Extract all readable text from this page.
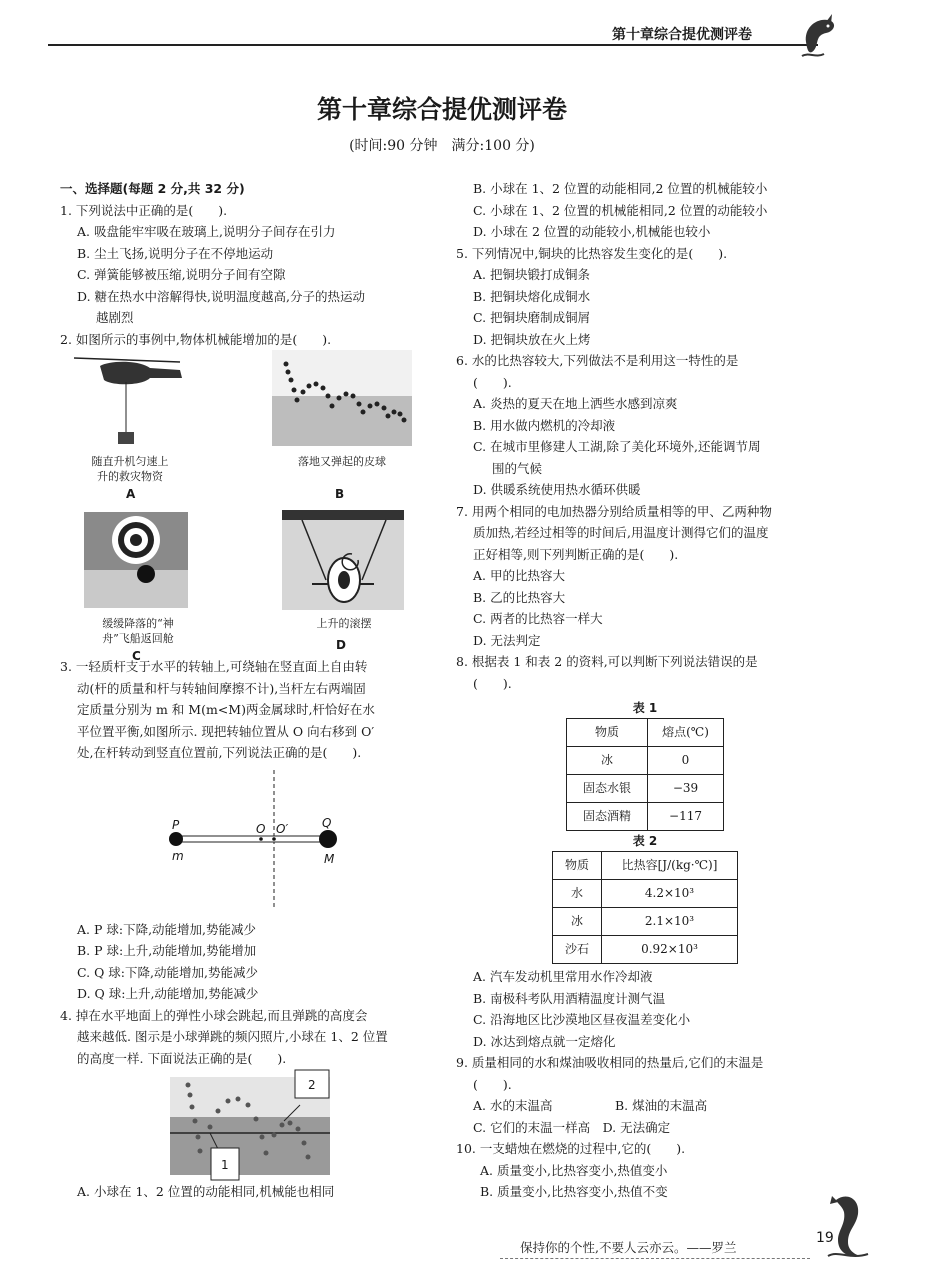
第十章综合提优测评卷
第十章综合提优测评卷
(时间:90 分钟　满分:100 分)
一、选择题(每题 2 分,共 32 分)
1. 下列说法中正确的是(　　).
A. 吸盘能牢牢吸在玻璃上,说明分子间存在引力
B. 尘土飞扬,说明分子在不停地运动
C. 弹簧能够被压缩,说明分子间有空隙
D. 糖在热水中溶解得快,说明温度越高,分子的热运动
越剧烈
2. 如图所示的事例中,物体机械能增加的是(　　).
随直升机匀速上
升的救灾物资
A
落地又弹起的皮球
B
缓缓降落的“神
舟”飞船返回舱
C
上升的滚摆
D
3. 一轻质杆支于水平的转轴上,可绕轴在竖直面上自由转
动(杆的质量和杆与转轴间摩擦不计),当杆左右两端固
定质量分别为 m 和 M(m<M)两金属球时,杆恰好在水
平位置平衡,如图所示. 现把转轴位置从 O 向右移到 O′
处,在杆转动到竖直位置前,下列说法正确的是(　　).
P
m
O O′	Q
M
A. P 球:下降,动能增加,势能减少
B. P 球:上升,动能增加,势能增加
C. Q 球:下降,动能增加,势能减少
D. Q 球:上升,动能增加,势能减少
4. 掉在水平地面上的弹性小球会跳起,而且弹跳的高度会
越来越低. 图示是小球弹跳的频闪照片,小球在 1、2 位置
的高度一样. 下面说法正确的是(　　).
1
2
A. 小球在 1、2 位置的动能相同,机械能也相同
B. 小球在 1、2 位置的动能相同,2 位置的机械能较小
C. 小球在 1、2 位置的机械能相同,2 位置的动能较小
D. 小球在 2 位置的动能较小,机械能也较小
5. 下列情况中,铜块的比热容发生变化的是(　　).
A. 把铜块锻打成铜条
B. 把铜块熔化成铜水
C. 把铜块磨制成铜屑
D. 把铜块放在火上烤
6. 水的比热容较大,下列做法不是利用这一特性的是
(　　).
A. 炎热的夏天在地上洒些水感到凉爽
B. 用水做内燃机的冷却液
C. 在城市里修建人工湖,除了美化环境外,还能调节周
围的气候
D. 供暖系统使用热水循环供暖
7. 用两个相同的电加热器分别给质量相等的甲、乙两种物
质加热,若经过相等的时间后,用温度计测得它们的温度
正好相等,则下列判断正确的是(　　).
A. 甲的比热容大
B. 乙的比热容大
C. 两者的比热容一样大
D. 无法判定
8. 根据表 1 和表 2 的资料,可以判断下列说法错误的是
(　　).
表 1
物质	熔点(℃)
冰	0
固态水银	−39
固态酒精	−117
表 2
物质	比热容[J/(kg·℃)]
水	4.2×10³
冰	2.1×10³
沙石	0.92×10³
A. 汽车发动机里常用水作冷却液
B. 南极科考队用酒精温度计测气温
C. 沿海地区比沙漠地区昼夜温差变化小
D. 冰达到熔点就一定熔化
9. 质量相同的水和煤油吸收相同的热量后,它们的末温是
(　　).
A. 水的末温高　　　　　B. 煤油的末温高
C. 它们的末温一样高　D. 无法确定
10. 一支蜡烛在燃烧的过程中,它的(　　).
A. 质量变小,比热容变小,热值变小
B. 质量变小,比热容变小,热值不变
保持你的个性,不要人云亦云。——罗兰
19
